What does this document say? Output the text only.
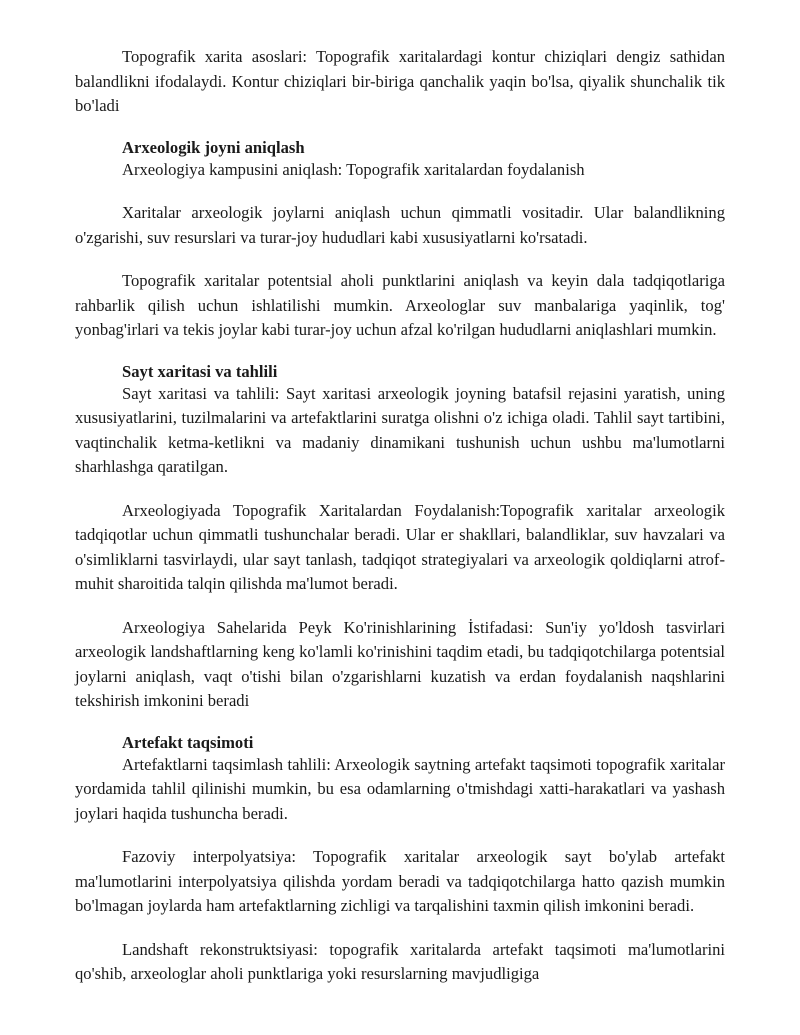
Topografik xarita asoslari: Topografik xaritalardagi kontur chiziqlari dengiz sathidan balandlikni ifodalaydi. Kontur chiziqlari bir-biriga qanchalik yaqin bo'lsa, qiyalik shunchalik tik bo'ladi

Arxeologik joyni aniqlash

Arxeologiya kampusini aniqlash: Topografik xaritalardan foydalanish

Xaritalar arxeologik joylarni aniqlash uchun qimmatli vositadir. Ular balandlikning o'zgarishi, suv resurslari va turar-joy hududlari kabi xususiyatlarni ko'rsatadi.

Topografik xaritalar potentsial aholi punktlarini aniqlash va keyin dala tadqiqotlariga rahbarlik qilish uchun ishlatilishi mumkin. Arxeologlar suv manbalariga yaqinlik, tog' yonbag'irlari va tekis joylar kabi turar-joy uchun afzal ko'rilgan hududlarni aniqlashlari mumkin.

Sayt xaritasi va tahlili

Sayt xaritasi va tahlili: Sayt xaritasi arxeologik joyning batafsil rejasini yaratish, uning xususiyatlarini, tuzilmalarini va artefaktlarini suratga olishni o'z ichiga oladi. Tahlil sayt tartibini, vaqtinchalik ketma-ketlikni va madaniy dinamikani tushunish uchun ushbu ma'lumotlarni sharhlashga qaratilgan.

Arxeologiyada Topografik Xaritalardan Foydalanish:Topografik xaritalar arxeologik tadqiqotlar uchun qimmatli tushunchalar beradi. Ular er shakllari, balandliklar, suv havzalari va o'simliklarni tasvirlaydi, ular sayt tanlash, tadqiqot strategiyalari va arxeologik qoldiqlarni atrof-muhit sharoitida talqin qilishda ma'lumot beradi.

Arxeologiya Sahelarida Peyk Ko'rinishlarining İstifadasi: Sun'iy yo'ldosh tasvirlari arxeologik landshaftlarning keng ko'lamli ko'rinishini taqdim etadi, bu tadqiqotchilarga potentsial joylarni aniqlash, vaqt o'tishi bilan o'zgarishlarni kuzatish va erdan foydalanish naqshlarini tekshirish imkonini beradi

Artefakt taqsimoti

Artefaktlarni taqsimlash tahlili: Arxeologik saytning artefakt taqsimoti topografik xaritalar yordamida tahlil qilinishi mumkin, bu esa odamlarning o'tmishdagi xatti-harakatlari va yashash joylari haqida tushuncha beradi.

Fazoviy interpolyatsiya: Topografik xaritalar arxeologik sayt bo'ylab artefakt ma'lumotlarini interpolyatsiya qilishda yordam beradi va tadqiqotchilarga hatto qazish mumkin bo'lmagan joylarda ham artefaktlarning zichligi va tarqalishini taxmin qilish imkonini beradi.

Landshaft rekonstruktsiyasi: topografik xaritalarda artefakt taqsimoti ma'lumotlarini qo'shib, arxeologlar aholi punktlariga yoki resurslarning mavjudligiga
